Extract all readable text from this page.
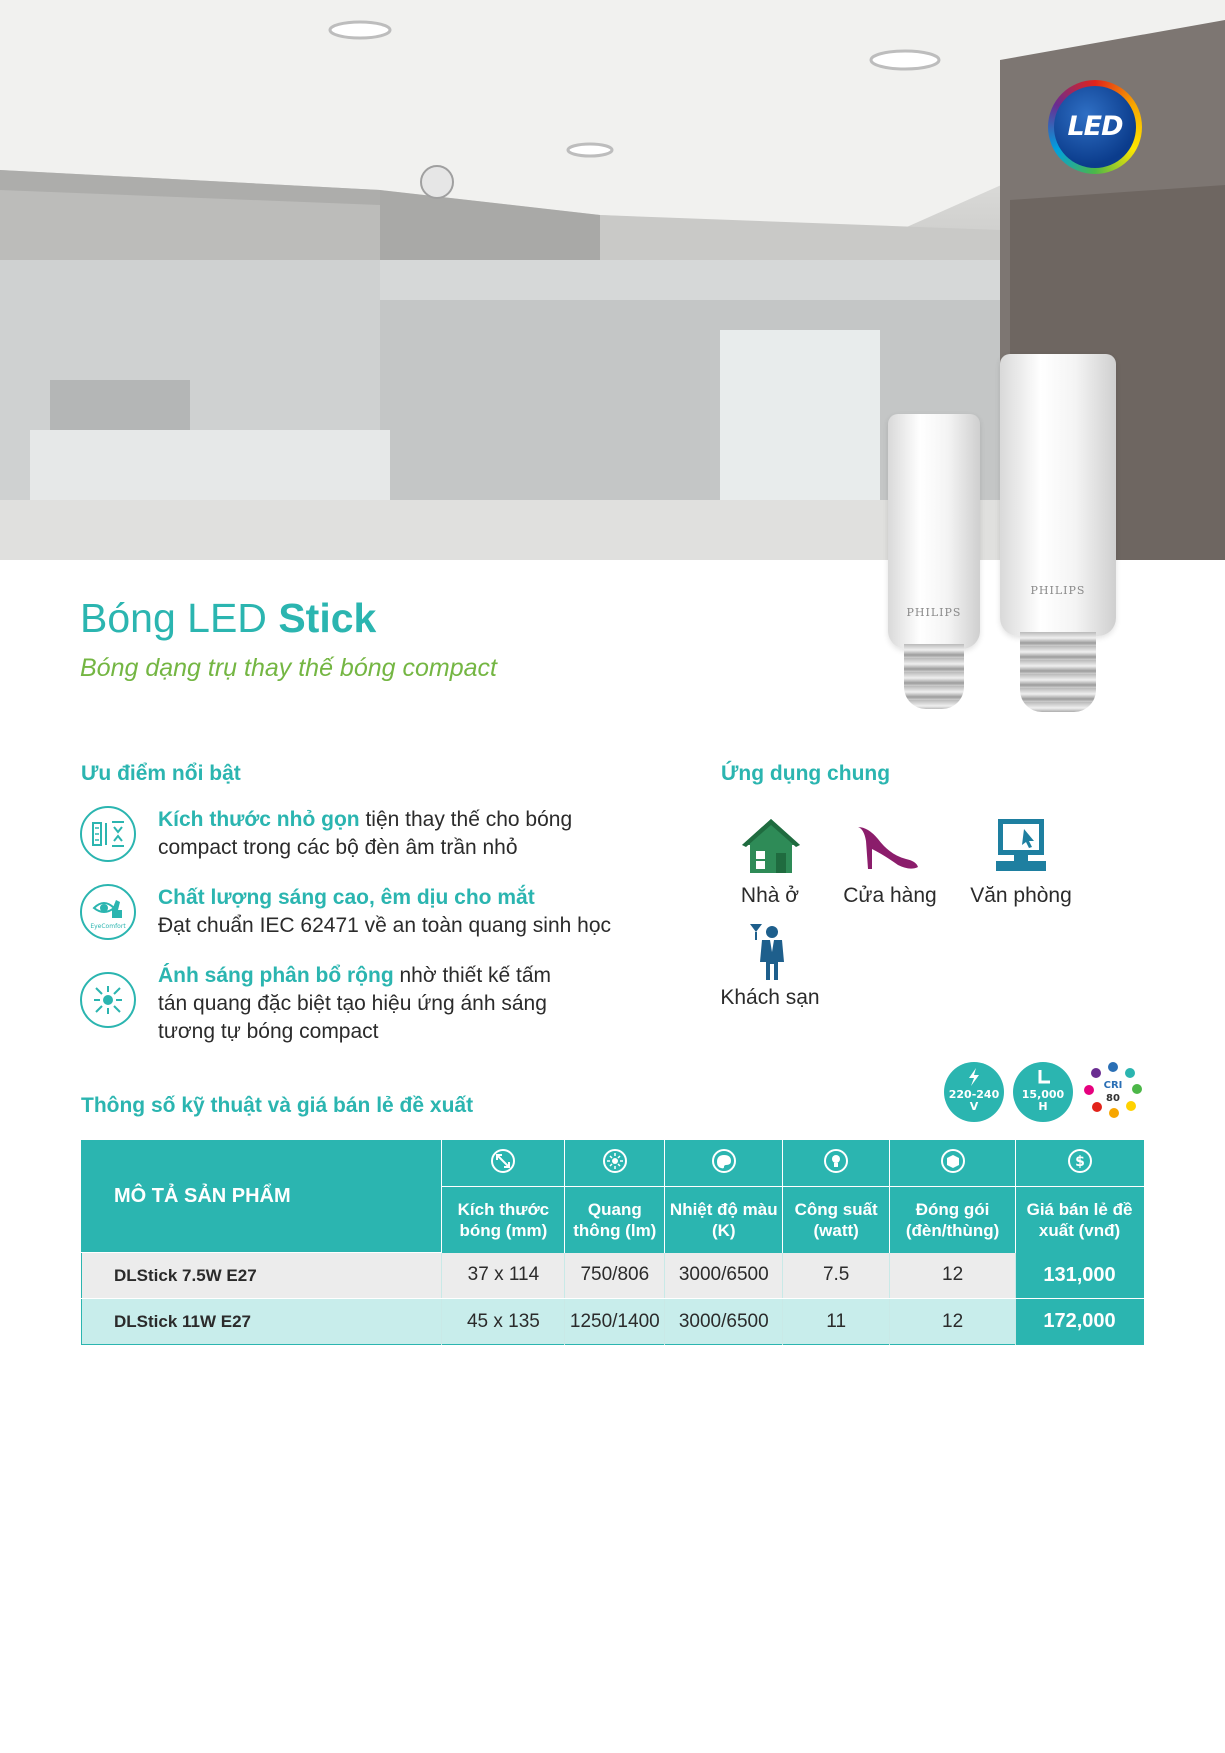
LED
PHILIPS
PHILIPS
Bóng LED Stick
Bóng dạng trụ thay thế bóng compact
Ưu điểm nổi bật
Kích thước nhỏ gọn tiện thay thế cho bóng compact trong các bộ đèn âm trần nhỏ
EyeComfort
Chất lượng sáng cao, êm dịu cho mắt
Đạt chuẩn IEC 62471 về an toàn quang sinh học
Ánh sáng phân bổ rộng nhờ thiết kế tấm tán quang đặc biệt tạo hiệu ứng ánh sáng tương tự bóng compact
Ứng dụng chung
Nhà ở	Cửa hàng	Văn phòng
Khách sạn
Thông số kỹ thuật và giá bán lẻ đề xuất	220-240
V
15,000
H
CRI
80
MÔ TẢ SẢN PHẨM						$

	Kích thước bóng (mm)	Quang thông (lm)	Nhiệt độ màu (K)	Công suất (watt)	Đóng gói (đèn/thùng)	Giá bán lẻ đề xuất (vnđ)
DLStick 7.5W E27	37 x 114	750/806	3000/6500	7.5	12	131,000
DLStick 11W E27	45 x 135	1250/1400	3000/6500	11	12	172,000
